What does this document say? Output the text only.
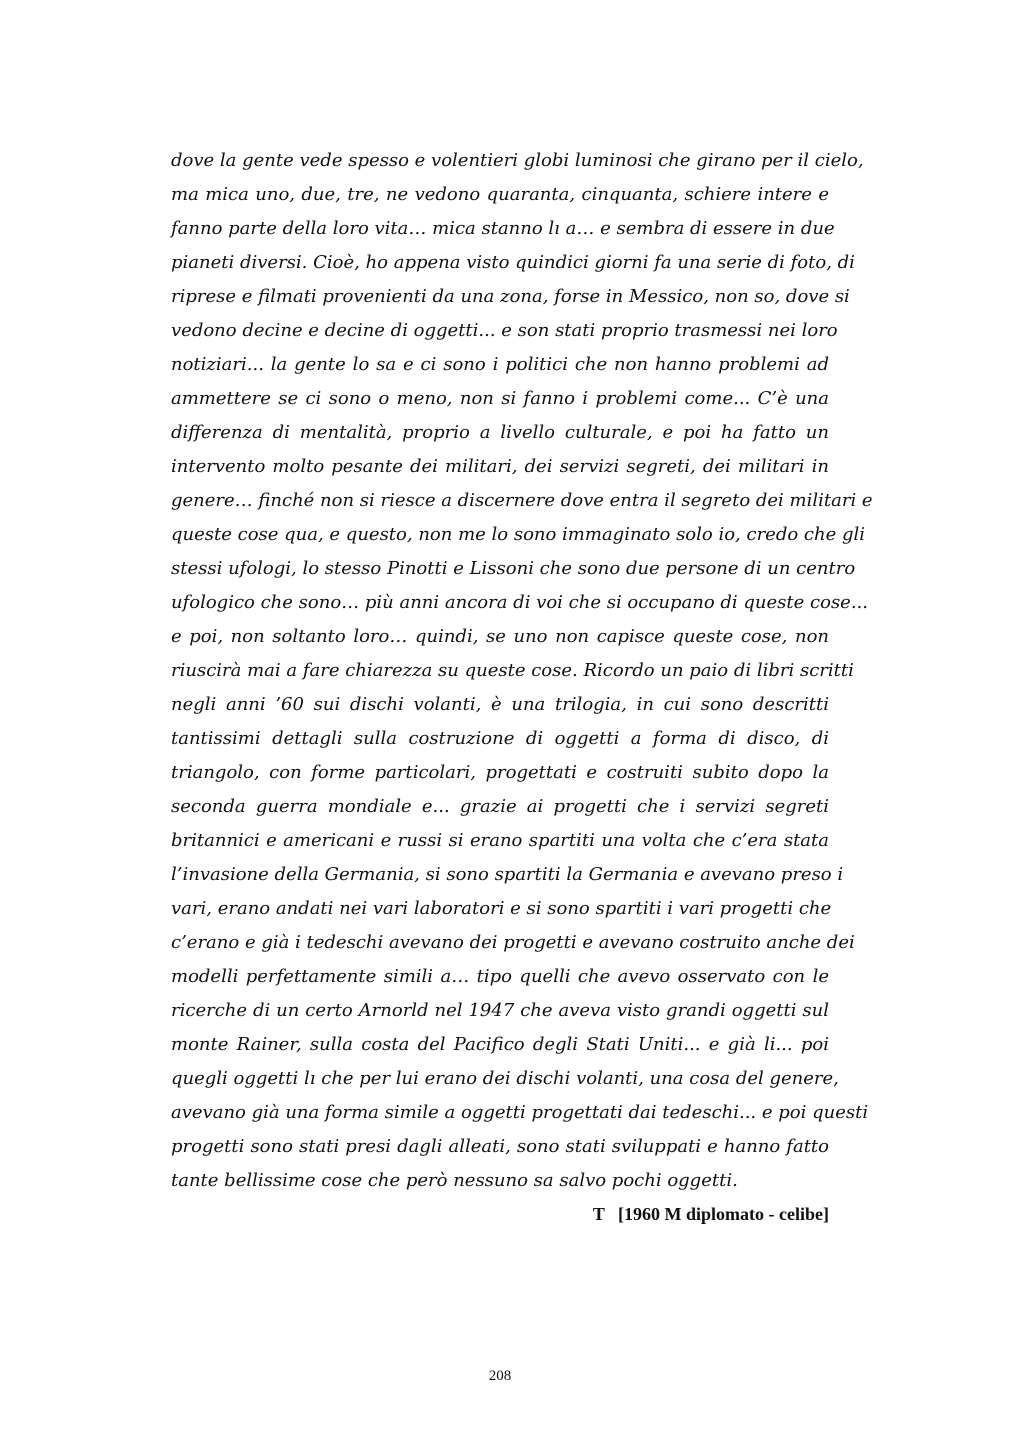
dove la gente vede spesso e volentieri globi luminosi che girano per il cielo,
ma mica uno, due, tre, ne vedono quaranta, cinquanta, schiere intere e
fanno parte della loro vita… mica stanno lı a… e sembra di essere in due
pianeti diversi. Cioè, ho appena visto quindici giorni fa una serie di foto, di
riprese e filmati provenienti da una zona, forse in Messico, non so, dove si
vedono decine e decine di oggetti... e son stati proprio trasmessi nei loro
notiziari... la gente lo sa e ci sono i politici che non hanno problemi ad
ammettere se ci sono o meno, non si fanno i problemi come... C’è una
differenza di mentalità, proprio a livello culturale, e poi ha fatto un
intervento molto pesante dei militari, dei servizi segreti, dei militari in
genere… finché non si riesce a discernere dove entra il segreto dei militari e
queste cose qua, e questo, non me lo sono immaginato solo io, credo che gli
stessi ufologi, lo stesso Pinotti e Lissoni che sono due persone di un centro
ufologico che sono… più anni ancora di voi che si occupano di queste cose...
e poi, non soltanto loro… quindi, se uno non capisce queste cose, non
riuscirà mai a fare chiarezza su queste cose. Ricordo un paio di libri scritti
negli anni ’60 sui dischi volanti, è una trilogia, in cui sono descritti
tantissimi dettagli sulla costruzione di oggetti a forma di disco, di
triangolo, con forme particolari, progettati e costruiti subito dopo la
seconda guerra mondiale e... grazie ai progetti che i servizi segreti
britannici e americani e russi si erano spartiti una volta che c’era stata
l’invasione della Germania, si sono spartiti la Germania e avevano preso i
vari, erano andati nei vari laboratori e si sono spartiti i vari progetti che
c’erano e già i tedeschi avevano dei progetti e avevano costruito anche dei
modelli perfettamente simili a… tipo quelli che avevo osservato con le
ricerche di un certo Arnorld nel 1947 che aveva visto grandi oggetti sul
monte Rainer, sulla costa del Pacifico degli Stati Uniti... e già li... poi
quegli oggetti lı che per lui erano dei dischi volanti, una cosa del genere,
avevano già una forma simile a oggetti progettati dai tedeschi... e poi questi
progetti sono stati presi dagli alleati, sono stati sviluppati e hanno fatto
tante bellissime cose che però nessuno sa salvo pochi oggetti.
T   [1960 M diplomato - celibe]
208
